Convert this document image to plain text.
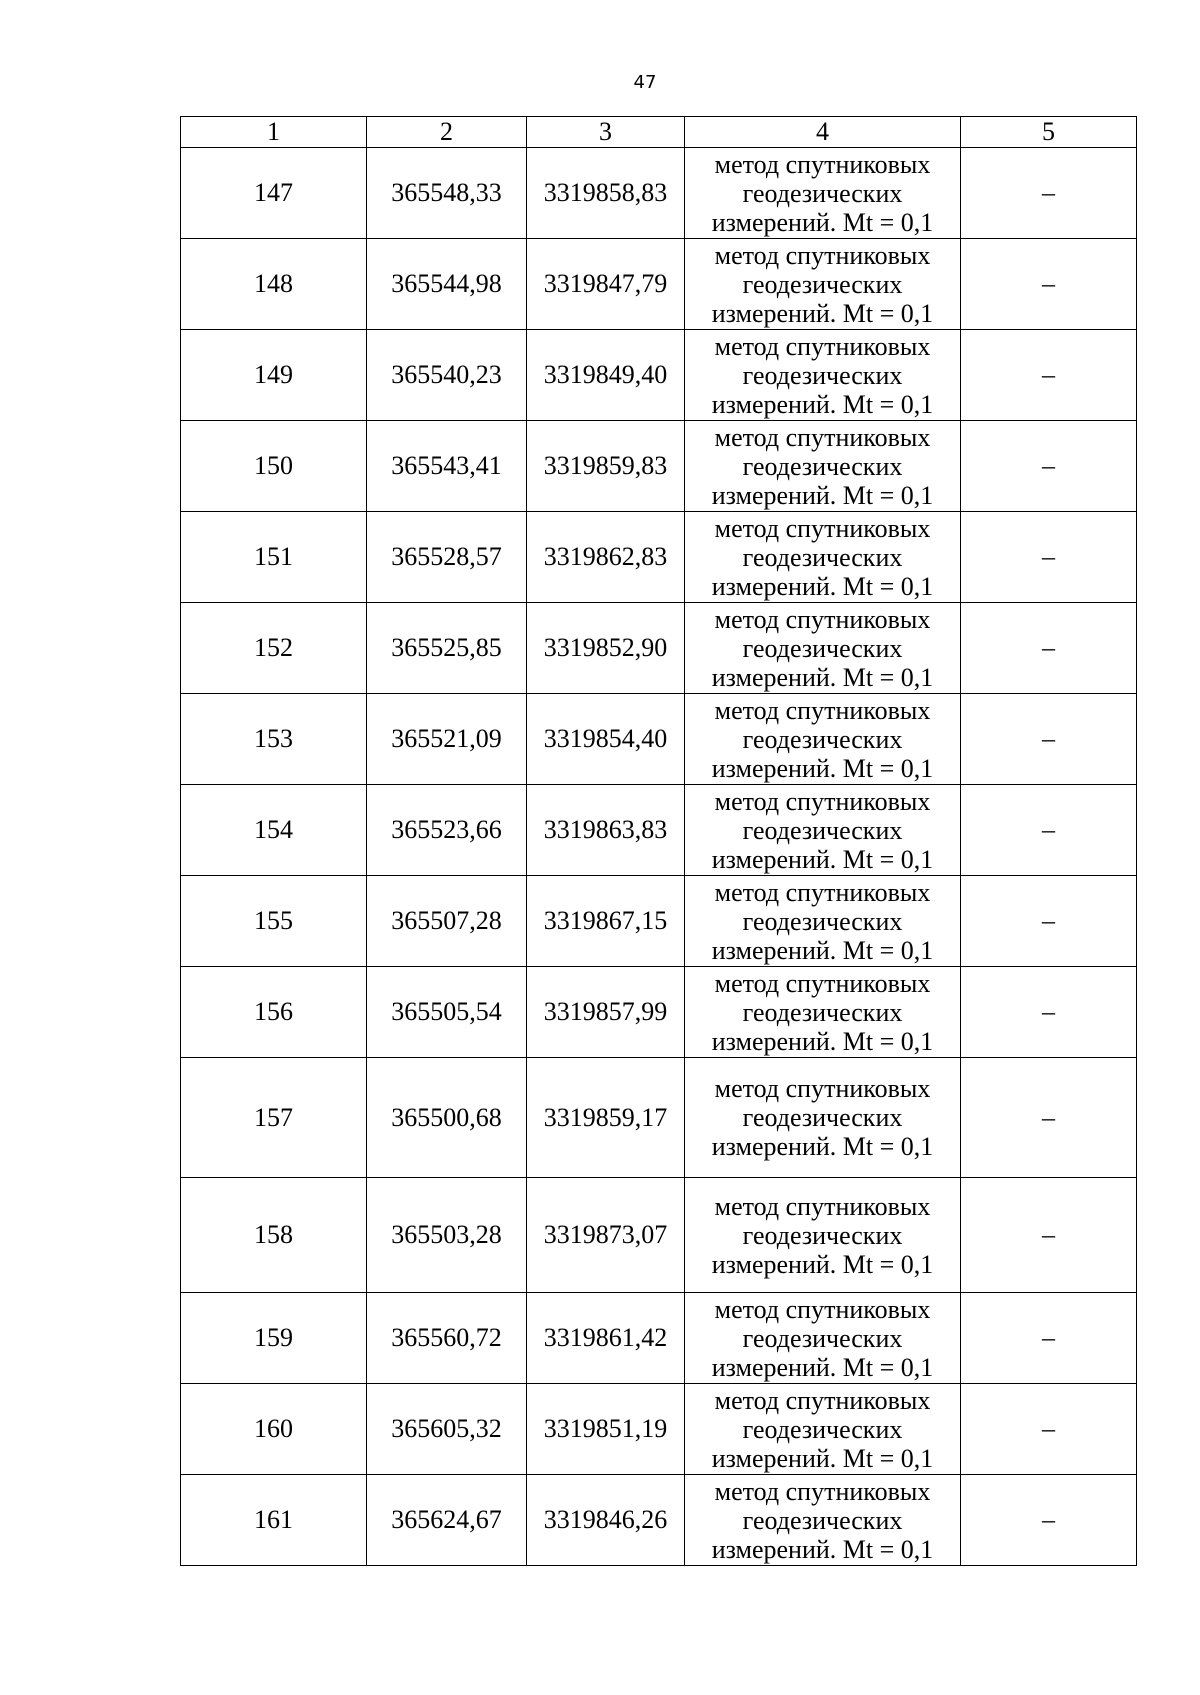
47
1	2	3	4	5
147	365548,33	3319858,83	метод спутниковых
геодезических
измерений. Mt = 0,1	–
148	365544,98	3319847,79	метод спутниковых
геодезических
измерений. Mt = 0,1	–
149	365540,23	3319849,40	метод спутниковых
геодезических
измерений. Mt = 0,1	–
150	365543,41	3319859,83	метод спутниковых
геодезических
измерений. Mt = 0,1	–
151	365528,57	3319862,83	метод спутниковых
геодезических
измерений. Mt = 0,1	–
152	365525,85	3319852,90	метод спутниковых
геодезических
измерений. Mt = 0,1	–
153	365521,09	3319854,40	метод спутниковых
геодезических
измерений. Mt = 0,1	–
154	365523,66	3319863,83	метод спутниковых
геодезических
измерений. Mt = 0,1	–
155	365507,28	3319867,15	метод спутниковых
геодезических
измерений. Mt = 0,1	–
156	365505,54	3319857,99	метод спутниковых
геодезических
измерений. Mt = 0,1	–
157	365500,68	3319859,17	метод спутниковых
геодезических
измерений. Mt = 0,1	–
158	365503,28	3319873,07	метод спутниковых
геодезических
измерений. Mt = 0,1	–
159	365560,72	3319861,42	метод спутниковых
геодезических
измерений. Mt = 0,1	–
160	365605,32	3319851,19	метод спутниковых
геодезических
измерений. Mt = 0,1	–
161	365624,67	3319846,26	метод спутниковых
геодезических
измерений. Mt = 0,1	–
